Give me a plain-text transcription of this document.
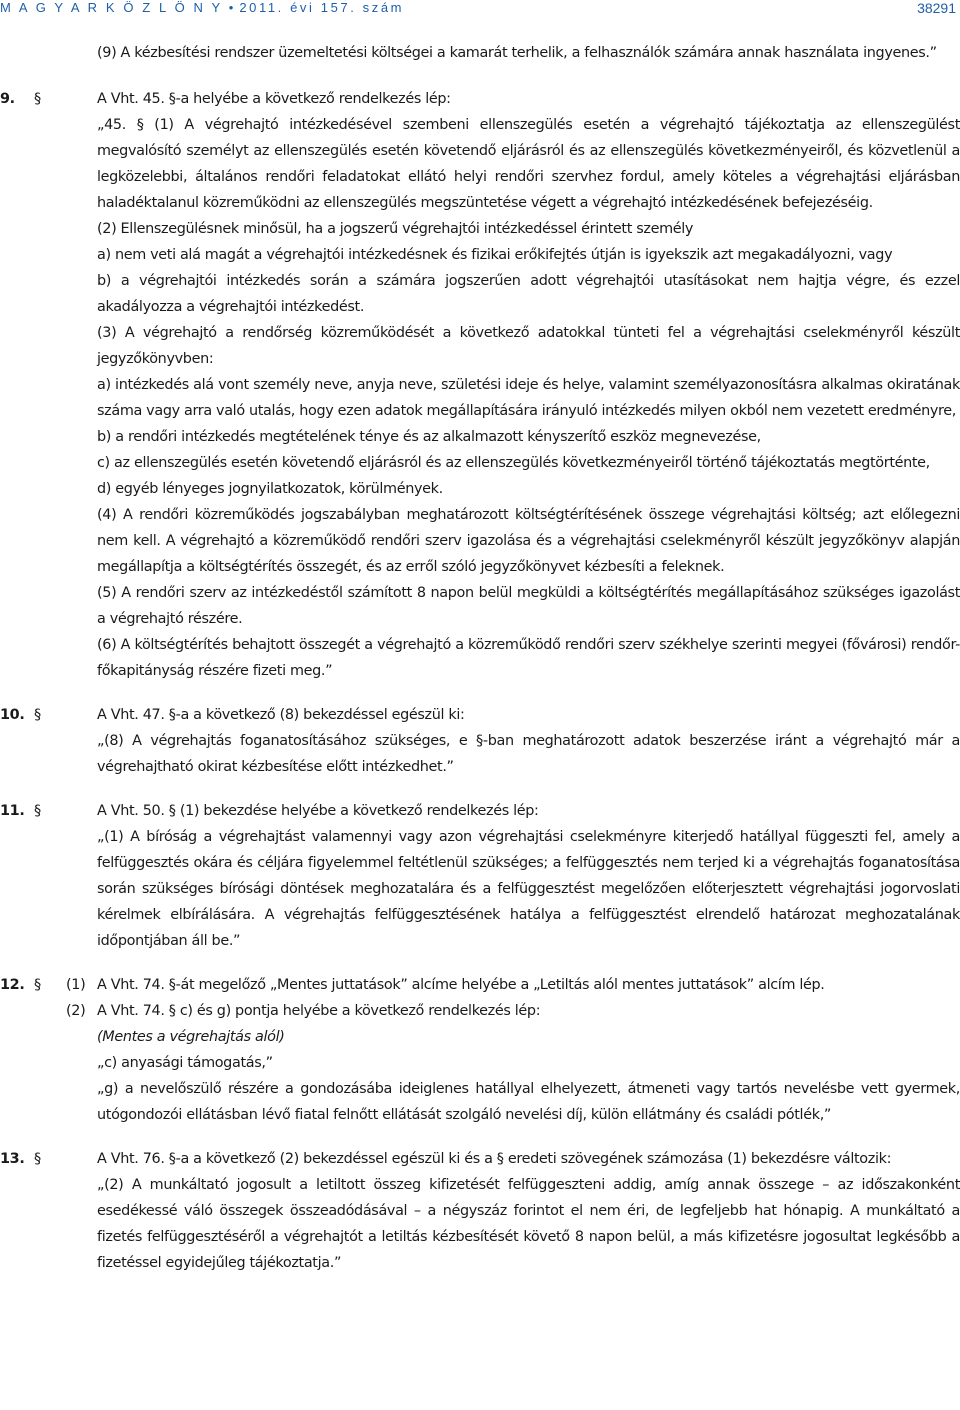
M A G Y A R K Ö Z L Ö N Y • 2011. évi 157. szám	38291

(9) A kézbesítési rendszer üzemeltetési költségei a kamarát terhelik, a felhasználók számára annak használata ingyenes.”

9. §	A Vht. 45. §-a helyébe a következő rendelkezés lép:

„45. § (1) A végrehajtó intézkedésével szembeni ellenszegülés esetén a végrehajtó tájékoztatja az ellenszegülést megvalósító személyt az ellenszegülés esetén követendő eljárásról és az ellenszegülés következményeiről, és közvetlenül a legközelebbi, általános rendőri feladatokat ellátó helyi rendőri szervhez fordul, amely köteles a végrehajtási eljárásban haladéktalanul közreműködni az ellenszegülés megszüntetése végett a végrehajtó intézkedésének befejezéséig.

(2) Ellenszegülésnek minősül, ha a jogszerű végrehajtói intézkedéssel érintett személy

a) nem veti alá magát a végrehajtói intézkedésnek és fizikai erőkifejtés útján is igyekszik azt megakadályozni, vagy

b) a végrehajtói intézkedés során a számára jogszerűen adott végrehajtói utasításokat nem hajtja végre, és ezzel akadályozza a végrehajtói intézkedést.

(3) A végrehajtó a rendőrség közreműködését a következő adatokkal tünteti fel a végrehajtási cselekményről készült jegyzőkönyvben:

a) intézkedés alá vont személy neve, anyja neve, születési ideje és helye, valamint személyazonosításra alkalmas okiratának száma vagy arra való utalás, hogy ezen adatok megállapítására irányuló intézkedés milyen okból nem vezetett eredményre,

b) a rendőri intézkedés megtételének ténye és az alkalmazott kényszerítő eszköz megnevezése,

c) az ellenszegülés esetén követendő eljárásról és az ellenszegülés következményeiről történő tájékoztatás megtörténte,

d) egyéb lényeges jognyilatkozatok, körülmények.

(4) A rendőri közreműködés jogszabályban meghatározott költségtérítésének összege végrehajtási költség; azt előlegezni nem kell. A végrehajtó a közreműködő rendőri szerv igazolása és a végrehajtási cselekményről készült jegyzőkönyv alapján megállapítja a költségtérítés összegét, és az erről szóló jegyzőkönyvet kézbesíti a feleknek.

(5) A rendőri szerv az intézkedéstől számított 8 napon belül megküldi a költségtérítés megállapításához szükséges igazolást a végrehajtó részére.

(6) A költségtérítés behajtott összegét a végrehajtó a közreműködő rendőri szerv székhelye szerinti megyei (fővárosi) rendőr-főkapitányság részére fizeti meg.”

10. §	A Vht. 47. §-a a következő (8) bekezdéssel egészül ki:

„(8) A végrehajtás foganatosításához szükséges, e §-ban meghatározott adatok beszerzése iránt a végrehajtó már a végrehajtható okirat kézbesítése előtt intézkedhet.”

11. §	A Vht. 50. § (1) bekezdése helyébe a következő rendelkezés lép:

„(1) A bíróság a végrehajtást valamennyi vagy azon végrehajtási cselekményre kiterjedő hatállyal függeszti fel, amely a felfüggesztés okára és céljára figyelemmel feltétlenül szükséges; a felfüggesztés nem terjed ki a végrehajtás foganatosítása során szükséges bírósági döntések meghozatalára és a felfüggesztést megelőzően előterjesztett végrehajtási jogorvoslati kérelmek elbírálására. A végrehajtás felfüggesztésének hatálya a felfüggesztést elrendelő határozat meghozatalának időpontjában áll be.”

12. § (1) A Vht. 74. §-át megelőző „Mentes juttatások” alcíme helyébe a „Letiltás alól mentes juttatások” alcím lép.
(2) A Vht. 74. § c) és g) pontja helyébe a következő rendelkezés lép:

(Mentes a végrehajtás alól)

„c) anyasági támogatás,”

„g) a nevelőszülő részére a gondozásába ideiglenes hatállyal elhelyezett, átmeneti vagy tartós nevelésbe vett gyermek, utógondozói ellátásban lévő fiatal felnőtt ellátását szolgáló nevelési díj, külön ellátmány és családi pótlék,”

13. §	A Vht. 76. §-a a következő (2) bekezdéssel egészül ki és a § eredeti szövegének számozása (1) bekezdésre változik:

„(2) A munkáltató jogosult a letiltott összeg kifizetését felfüggeszteni addig, amíg annak összege – az időszakonként esedékessé váló összegek összeadódásával – a négyszáz forintot el nem éri, de legfeljebb hat hónapig. A munkáltató a fizetés felfüggesztéséről a végrehajtót a letiltás kézbesítését követő 8 napon belül, a más kifizetésre jogosultat legkésőbb a fizetéssel egyidejűleg tájékoztatja.”
